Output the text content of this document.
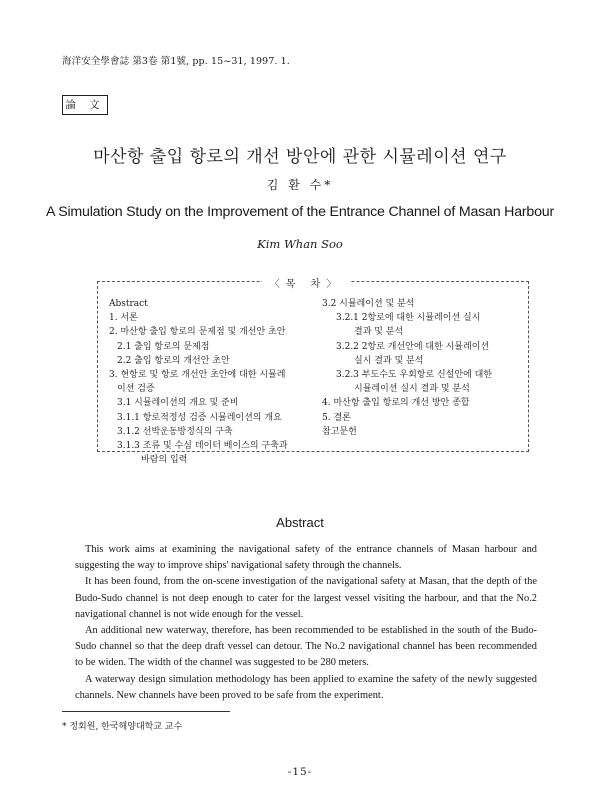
海洋安全學會誌 第3卷 第1號, pp. 15~31, 1997. 1.
論 文
마산항 출입 항로의 개선 방안에 관한 시뮬레이션 연구
김 환 수*
A Simulation Study on the Improvement of the Entrance Channel of Masan Harbour
Kim Whan Soo
〈목 차〉
Abstract
1. 서론
2. 마산항 출입 항로의 문제점 및 개선안 초안
2.1 출입 항로의 문제점
2.2 출입 항로의 개선안 초안
3. 현항로 및 항로 개선안 초안에 대한 시뮬레
이션 검증
3.1 시뮬레이션의 개요 및 준비
3.1.1 항로적정성 검증 시뮬레이션의 개요
3.1.2 선박운동방정식의 구축
3.1.3 조류 및 수심 데이터 베이스의 구축과
바람의 입력
3.2 시뮬레이션 및 분석
3.2.1 2항로에 대한 시뮬레이션 실시
결과 및 분석
3.2.2 2항로 개선안에 대한 시뮬레이션
실시 결과 및 분석
3.2.3 부도수도 우회항로 신설안에 대한
시뮬레이션 실시 결과 및 분석
4. 마산항 출입 항로의 개선 방안 종합
5. 결론
참고문헌
Abstract

This work aims at examining the navigational safety of the entrance channels of Masan harbour and suggesting the way to improve ships' navigational safety through the channels.

It has been found, from the on-scene investigation of the navigational safety at Masan, that the depth of the Budo-Sudo channel is not deep enough to cater for the largest vessel visiting the harbour, and that the No.2 navigational channel is not wide enough for the vessel.

An additional new waterway, therefore, has been recommended to be established in the south of the Budo-Sudo channel so that the deep draft vessel can detour. The No.2 navigational channel has been recommended to be widen. The width of the channel was suggested to be 280 meters.

A waterway design simulation methodology has been applied to examine the safety of the newly suggested channels. New channels have been proved to be safe from the experiment.

* 정회원, 한국해양대학교 교수
-15-
